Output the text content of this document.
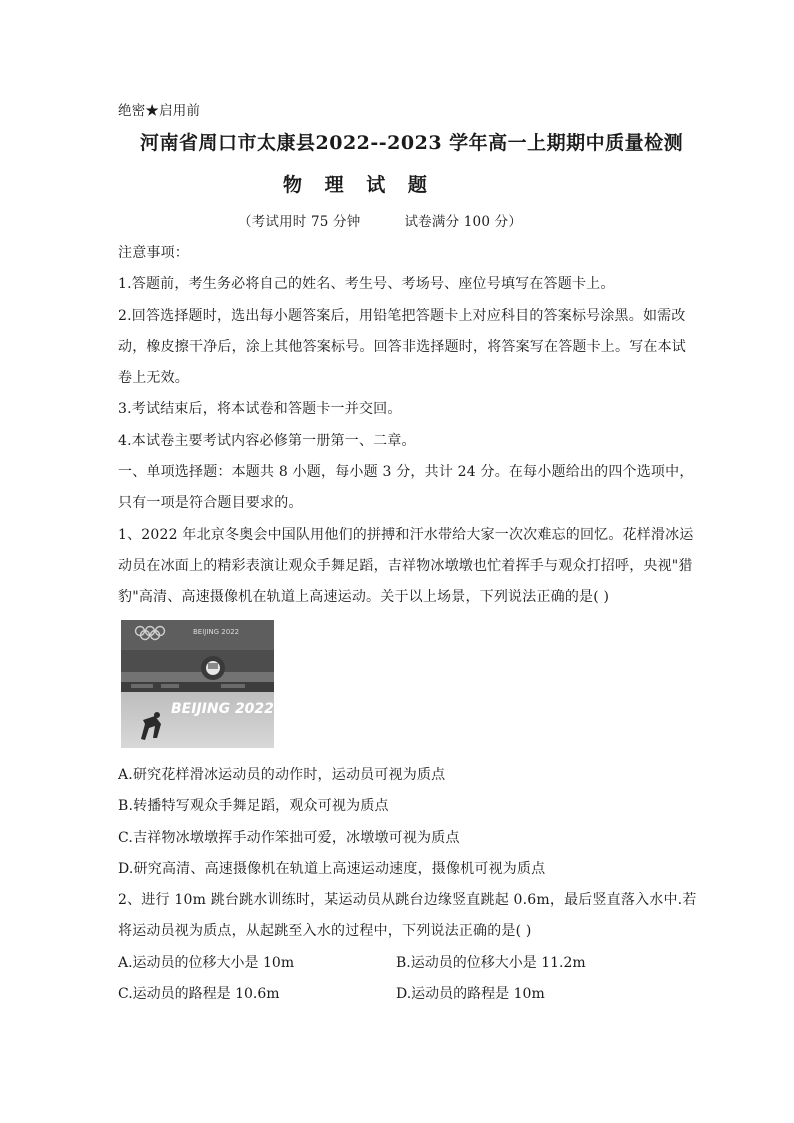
绝密★启用前
河南省周口市太康县2022--2023 学年高一上期期中质量检测
物 理 试 题
（考试用时 75 分钟	试卷满分 100 分）
注意事项：
1.答题前，考生务必将自己的姓名、考生号、考场号、座位号填写在答题卡上。
2.回答选择题时，选出每小题答案后，用铅笔把答题卡上对应科目的答案标号涂黑。如需改
动，橡皮擦干净后，涂上其他答案标号。回答非选择题时，将答案写在答题卡上。写在本试
卷上无效。
3.考试结束后，将本试卷和答题卡一并交回。
4.本试卷主要考试内容必修第一册第一、二章。
一、单项选择题：本题共 8 小题，每小题 3 分，共计 24 分。在每小题给出的四个选项中，
只有一项是符合题目要求的。
1、2022 年北京冬奥会中国队用他们的拼搏和汗水带给大家一次次难忘的回忆。花样滑冰运
动员在冰面上的精彩表演让观众手舞足蹈，吉祥物冰墩墩也忙着挥手与观众打招呼，央视"猎
豹"高清、高速摄像机在轨道上高速运动。关于以上场景，下列说法正确的是( )
BEIJING 2022
BEIJING 2022
A.研究花样滑冰运动员的动作时，运动员可视为质点
B.转播特写观众手舞足蹈，观众可视为质点
C.吉祥物冰墩墩挥手动作笨拙可爱，冰墩墩可视为质点
D.研究高清、高速摄像机在轨道上高速运动速度，摄像机可视为质点
2、进行 10m 跳台跳水训练时，某运动员从跳台边缘竖直跳起 0.6m，最后竖直落入水中.若
将运动员视为质点，从起跳至入水的过程中，下列说法正确的是( )
A.运动员的位移大小是 10m	B.运动员的位移大小是 11.2m
C.运动员的路程是 10.6m	D.运动员的路程是 10m
